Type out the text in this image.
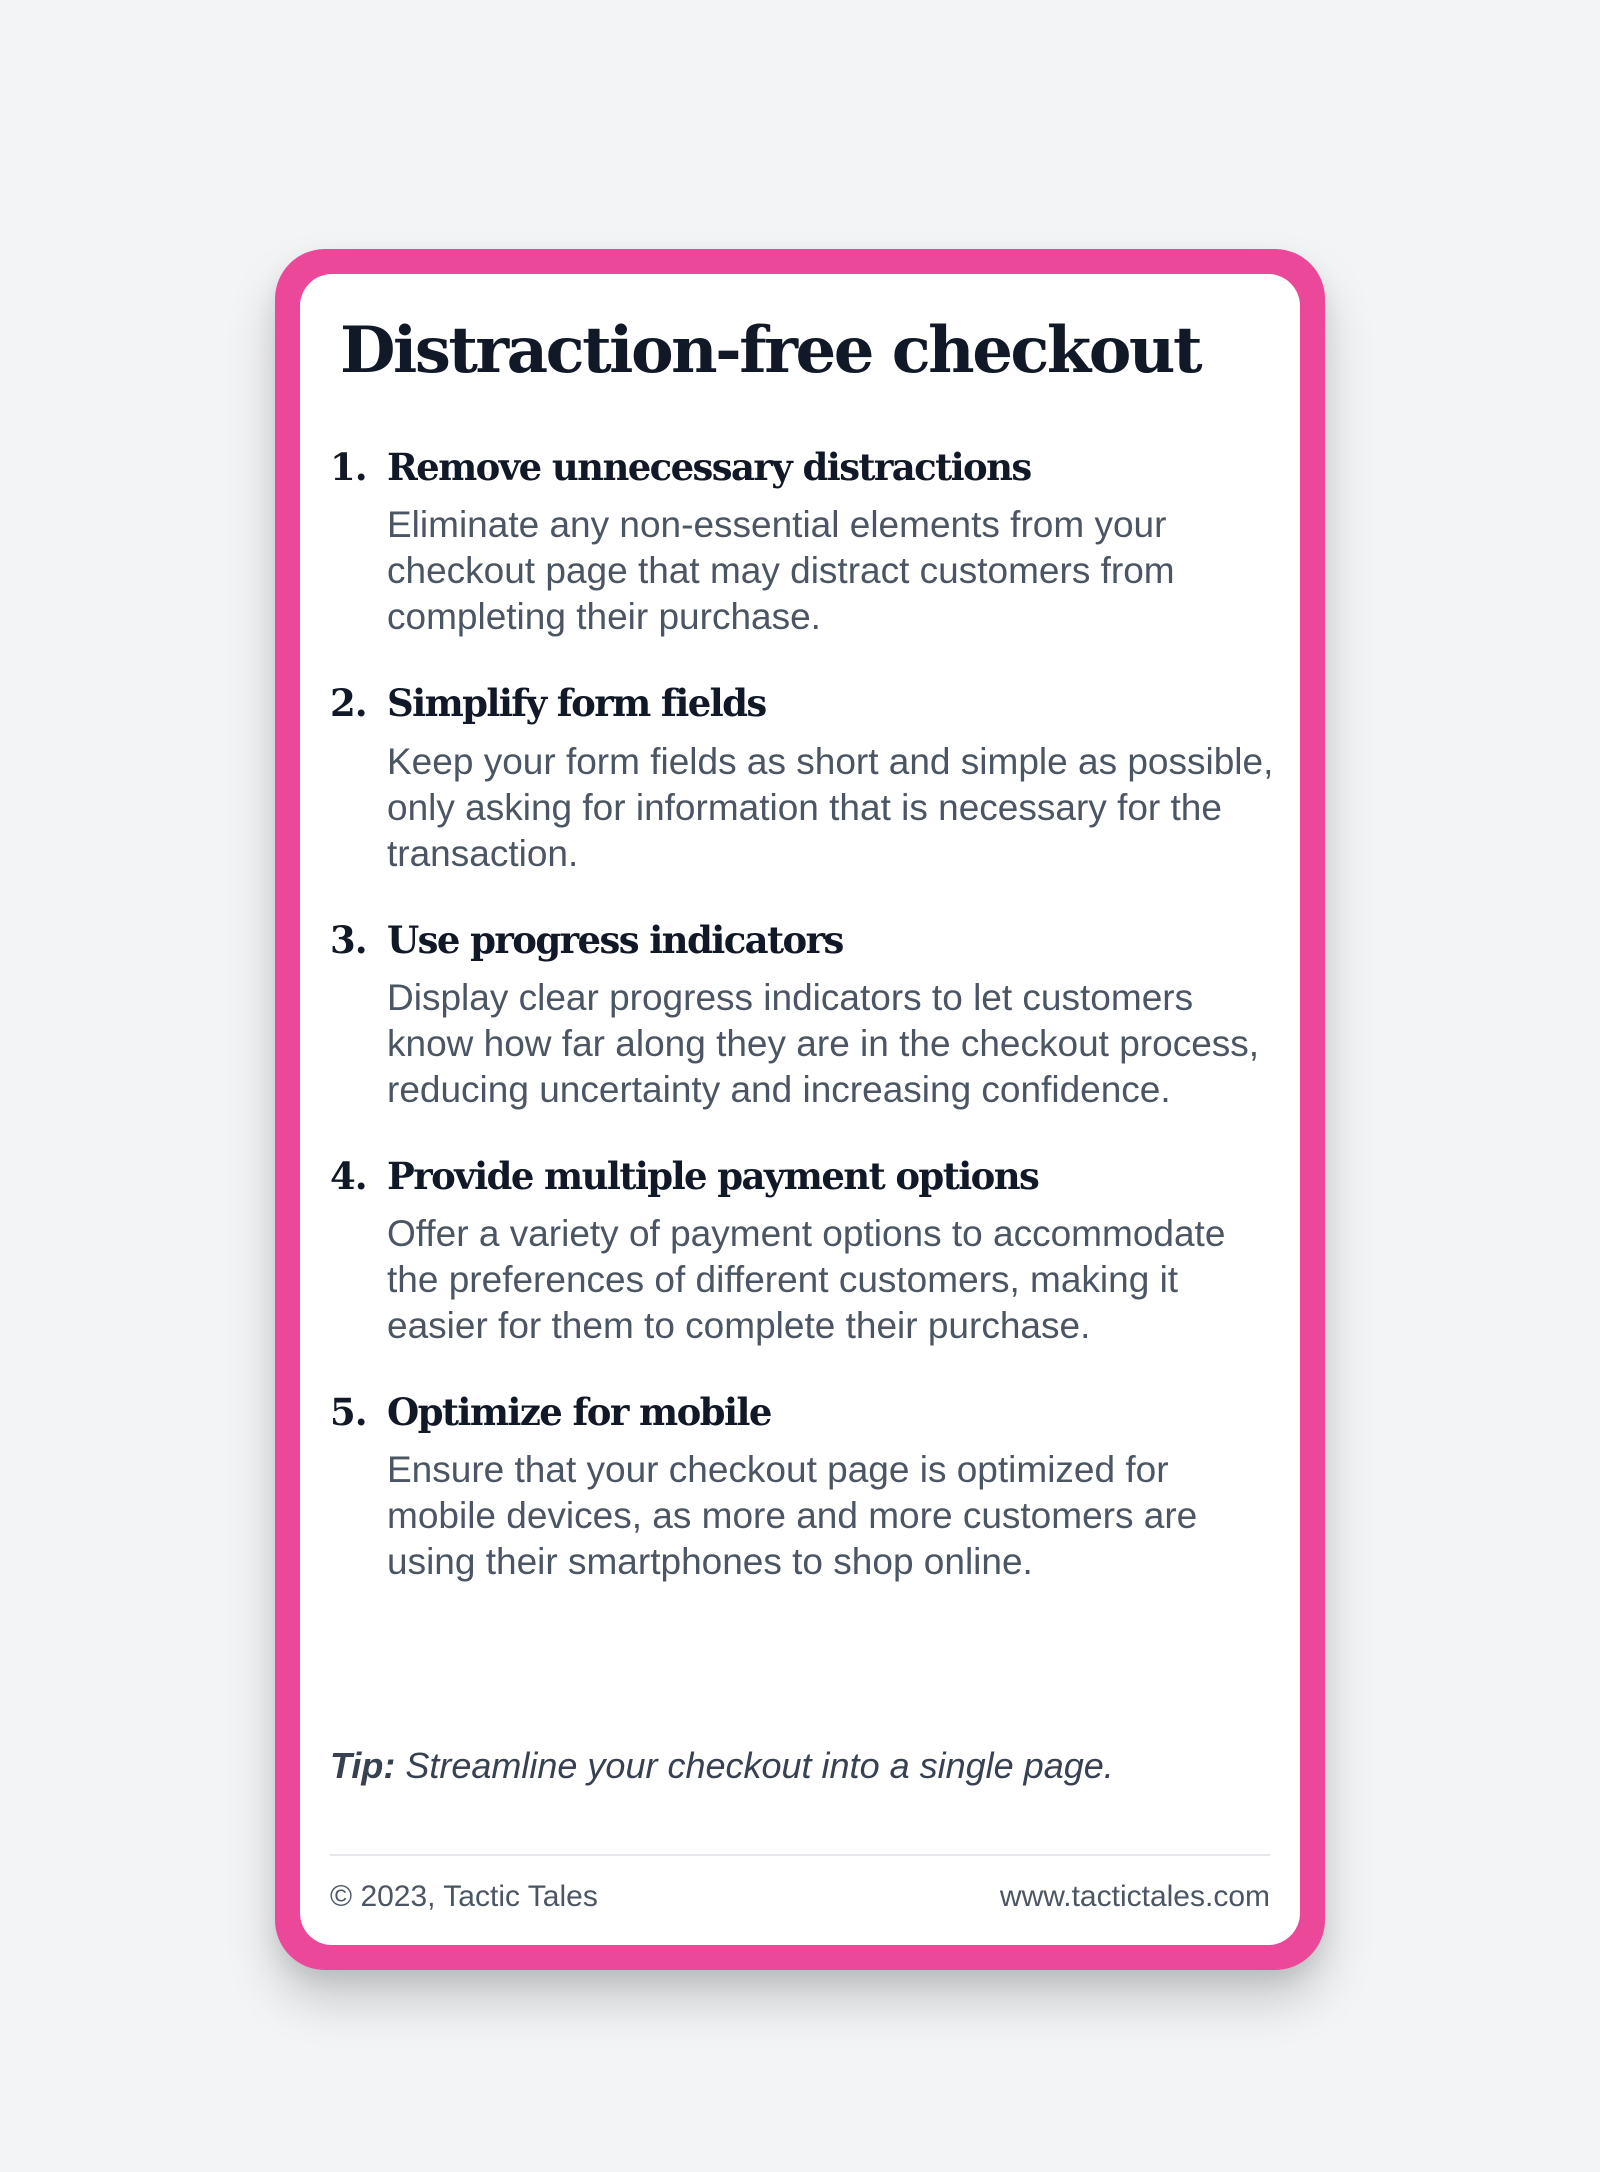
Distraction-free checkout
1. Remove unnecessary distractions

Eliminate any non-essential elements from your checkout page that may distract customers from completing their purchase.

2. Simplify form fields

Keep your form fields as short and simple as possible, only asking for information that is necessary for the transaction.

3. Use progress indicators

Display clear progress indicators to let customers know how far along they are in the checkout process, reducing uncertainty and increasing confidence.

4. Provide multiple payment options

Offer a variety of payment options to accommodate the preferences of different customers, making it easier for them to complete their purchase.

5. Optimize for mobile

Ensure that your checkout page is optimized for mobile devices, as more and more customers are using their smartphones to shop online.

Tip: Streamline your checkout into a single page.

© 2023, Tactic Tales	www.tactictales.com
